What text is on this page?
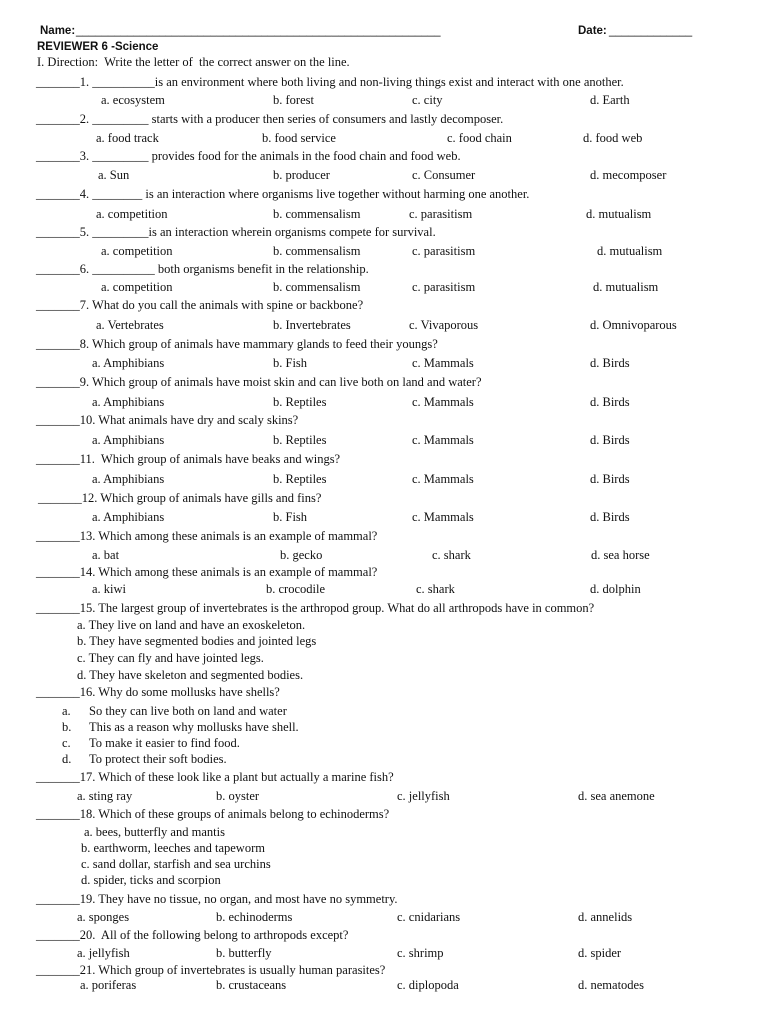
Name: _________________________________________________________	Date: _____________
REVIEWER 6 -Science
I. Direction:  Write the letter of  the correct answer on the line.
_______1. __________is an environment where both living and non-living things exist and interact with one another.
a. ecosystem	b. forest	c. city	d. Earth
_______2. _________ starts with a producer then series of consumers and lastly decomposer.
a. food track	b. food service	c. food chain	d. food web
_______3. _________ provides food for the animals in the food chain and food web.
a. Sun	b. producer	c. Consumer	d. mecomposer
_______4. ________ is an interaction where organisms live together without harming one another.
a. competition	b. commensalism	c. parasitism	d. mutualism
_______5. _________is an interaction wherein organisms compete for survival.
a. competition	b. commensalism	c. parasitism	d. mutualism
_______6. __________ both organisms benefit in the relationship.
a. competition	b. commensalism	c. parasitism	d. mutualism
_______7. What do you call the animals with spine or backbone?
a. Vertebrates	b. Invertebrates	c. Vivaporous	d. Omnivoparous
_______8. Which group of animals have mammary glands to feed their youngs?
a. Amphibians	b. Fish	c. Mammals	d. Birds
_______9. Which group of animals have moist skin and can live both on land and water?
a. Amphibians	b. Reptiles	c. Mammals	d. Birds
_______10. What animals have dry and scaly skins?
a. Amphibians	b. Reptiles	c. Mammals	d. Birds
_______11.  Which group of animals have beaks and wings?
a. Amphibians	b. Reptiles	c. Mammals	d. Birds
_______12. Which group of animals have gills and fins?
a. Amphibians	b. Fish	c. Mammals	d. Birds
_______13. Which among these animals is an example of mammal?
a. bat	b. gecko	c. shark	d. sea horse
_______14. Which among these animals is an example of mammal?
a. kiwi	b. crocodile	c. shark	d. dolphin
_______15. The largest group of invertebrates is the arthropod group. What do all arthropods have in common?
a. They live on land and have an exoskeleton.
b. They have segmented bodies and jointed legs
c. They can fly and have jointed legs.
d. They have skeleton and segmented bodies.
_______16. Why do some mollusks have shells?
a. So they can live both on land and water
b. This as a reason why mollusks have shell.
c. To make it easier to find food.
d. To protect their soft bodies.
_______17. Which of these look like a plant but actually a marine fish?
a. sting ray	b. oyster	c. jellyfish	d. sea anemone
_______18. Which of these groups of animals belong to echinoderms?
a. bees, butterfly and mantis
b. earthworm, leeches and tapeworm
c. sand dollar, starfish and sea urchins
d. spider, ticks and scorpion
_______19. They have no tissue, no organ, and most have no symmetry.
a. sponges	b. echinoderms	c. cnidarians	d. annelids
_______20.  All of the following belong to arthropods except?
a. jellyfish	b. butterfly	c. shrimp	d. spider
_______21. Which group of invertebrates is usually human parasites?
a. poriferas	b. crustaceans	c. diplopoda	d. nematodes
